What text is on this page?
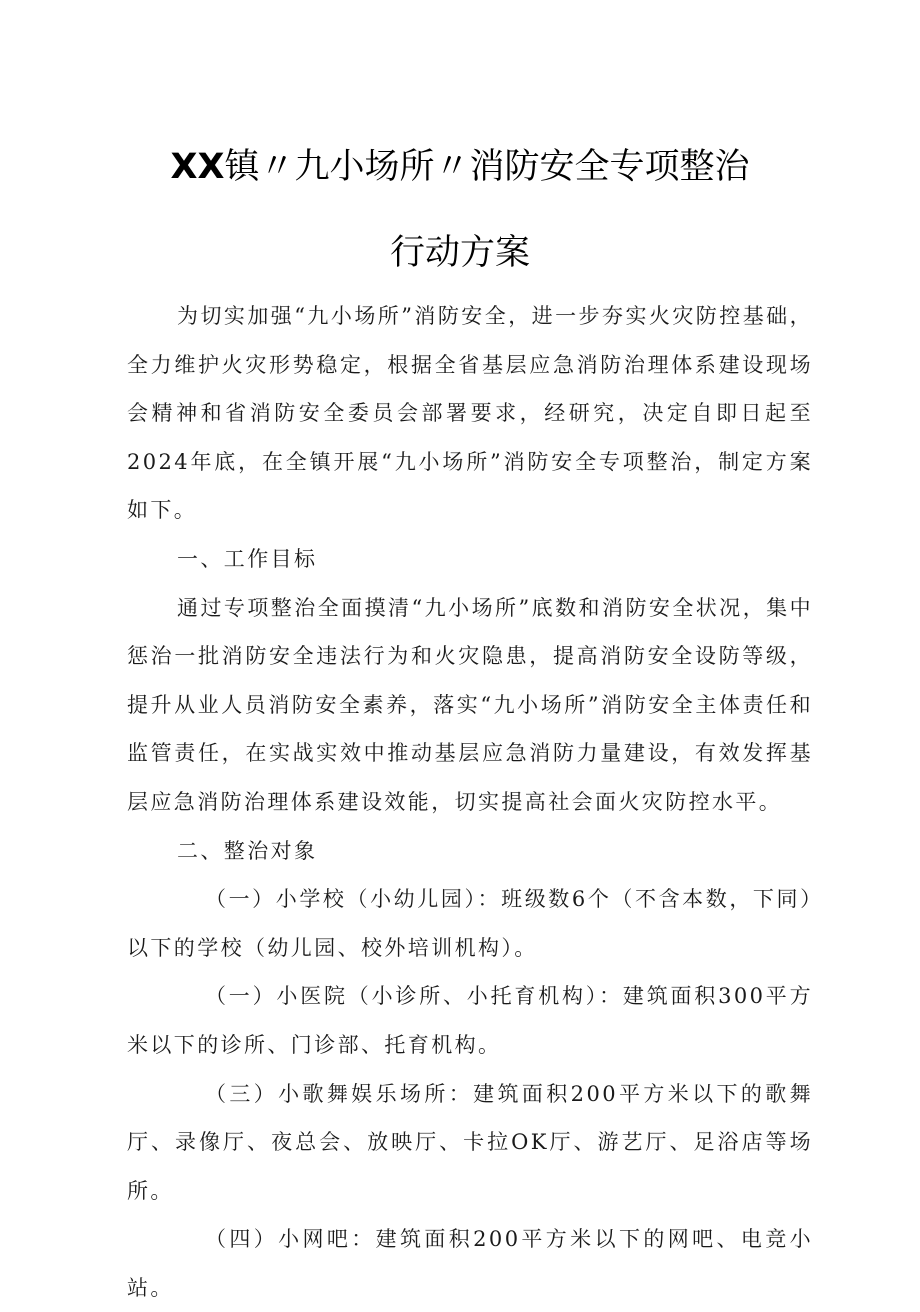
XX镇〃九小场所〃消防安全专项整治
行动方案

为切实加强“九小场所”消防安全，进一步夯实火灾防控基础，全力维护火灾形势稳定，根据全省基层应急消防治理体系建设现场会精神和省消防安全委员会部署要求，经研究，决定自即日起至2024年底，在全镇开展“九小场所”消防安全专项整治，制定方案如下。

一、工作目标

通过专项整治全面摸清“九小场所”底数和消防安全状况，集中惩治一批消防安全违法行为和火灾隐患，提高消防安全设防等级，提升从业人员消防安全素养，落实“九小场所”消防安全主体责任和监管责任，在实战实效中推动基层应急消防力量建设，有效发挥基层应急消防治理体系建设效能，切实提高社会面火灾防控水平。

二、整治对象

（一）小学校（小幼儿园）：班级数6个（不含本数，下同）以下的学校（幼儿园、校外培训机构）。

（一）小医院（小诊所、小托育机构）：建筑面积300平方米以下的诊所、门诊部、托育机构。

（三）小歌舞娱乐场所：建筑面积200平方米以下的歌舞厅、录像厅、夜总会、放映厅、卡拉OK厅、游艺厅、足浴店等场所。

（四）小网吧：建筑面积200平方米以下的网吧、电竞小站。
